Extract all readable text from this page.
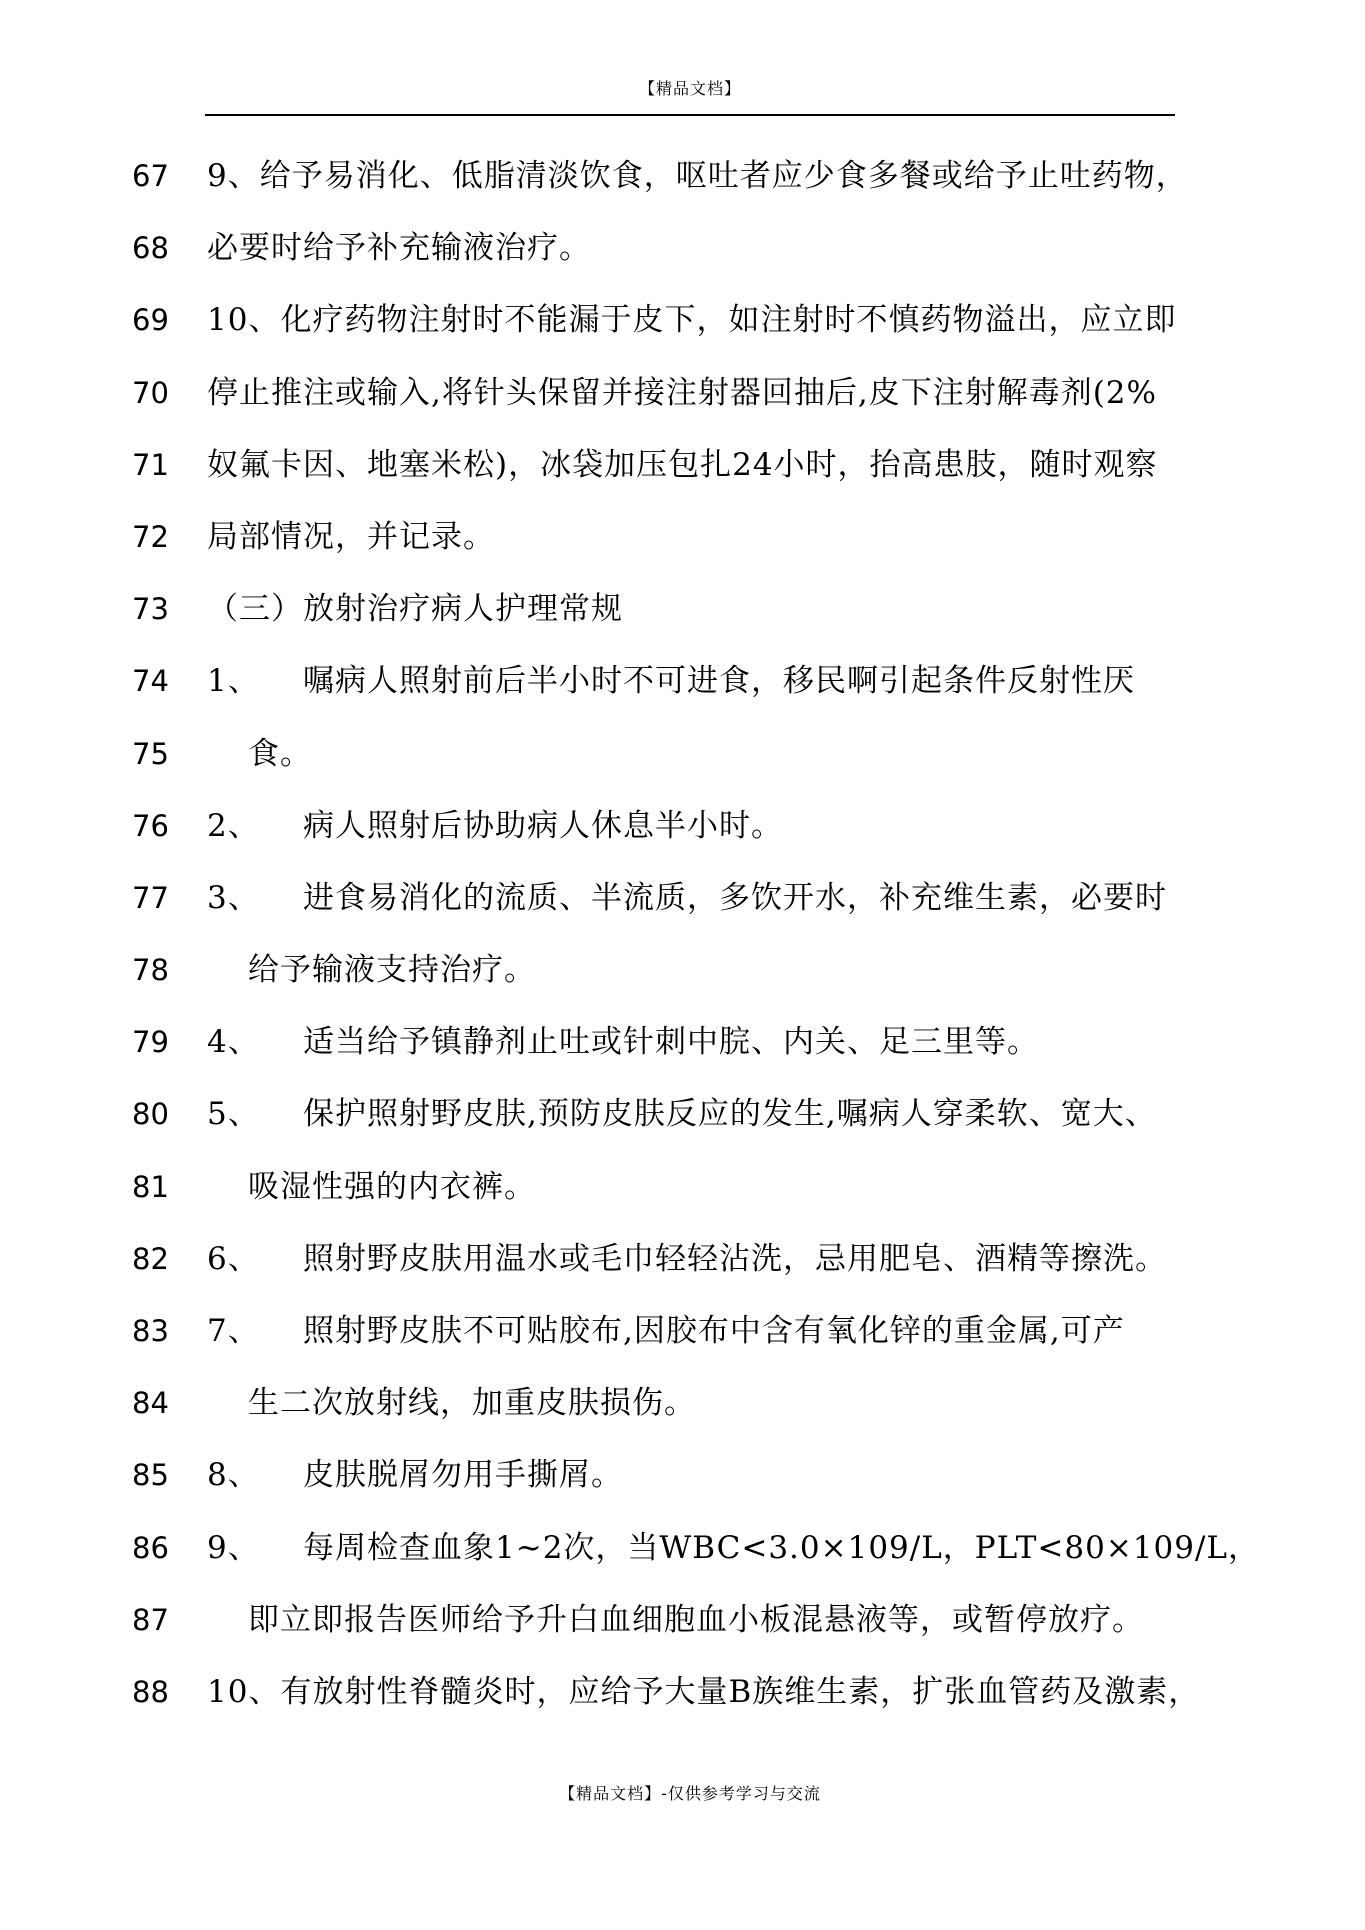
【精品文档】
67	9、给予易消化、低脂清淡饮食，呕吐者应少食多餐或给予止吐药物，
68	必要时给予补充输液治疗。
69	10、化疗药物注射时不能漏于皮下，如注射时不慎药物溢出，应立即
70	停止推注或输入,将针头保留并接注射器回抽后,皮下注射解毒剂(2%
71	奴氟卡因、地塞米松)，冰袋加压包扎24小时，抬高患肢，随时观察
72	局部情况，并记录。
73	（三）放射治疗病人护理常规
74	1、 嘱病人照射前后半小时不可进食，移民啊引起条件反射性厌
75	食。
76	2、 病人照射后协助病人休息半小时。
77	3、 进食易消化的流质、半流质，多饮开水，补充维生素，必要时
78	给予输液支持治疗。
79	4、 适当给予镇静剂止吐或针刺中脘、内关、足三里等。
80	5、 保护照射野皮肤,预防皮肤反应的发生,嘱病人穿柔软、宽大、
81	吸湿性强的内衣裤。
82	6、 照射野皮肤用温水或毛巾轻轻沾洗，忌用肥皂、酒精等擦洗。
83	7、 照射野皮肤不可贴胶布,因胶布中含有氧化锌的重金属,可产
84	生二次放射线，加重皮肤损伤。
85	8、 皮肤脱屑勿用手撕屑。
86	9、 每周检查血象1~2次，当WBC<3.0×109/L，PLT<80×109/L，
87	即立即报告医师给予升白血细胞血小板混悬液等，或暂停放疗。
88	10、有放射性脊髓炎时，应给予大量B族维生素，扩张血管药及激素，
【精品文档】-仅供参考学习与交流
